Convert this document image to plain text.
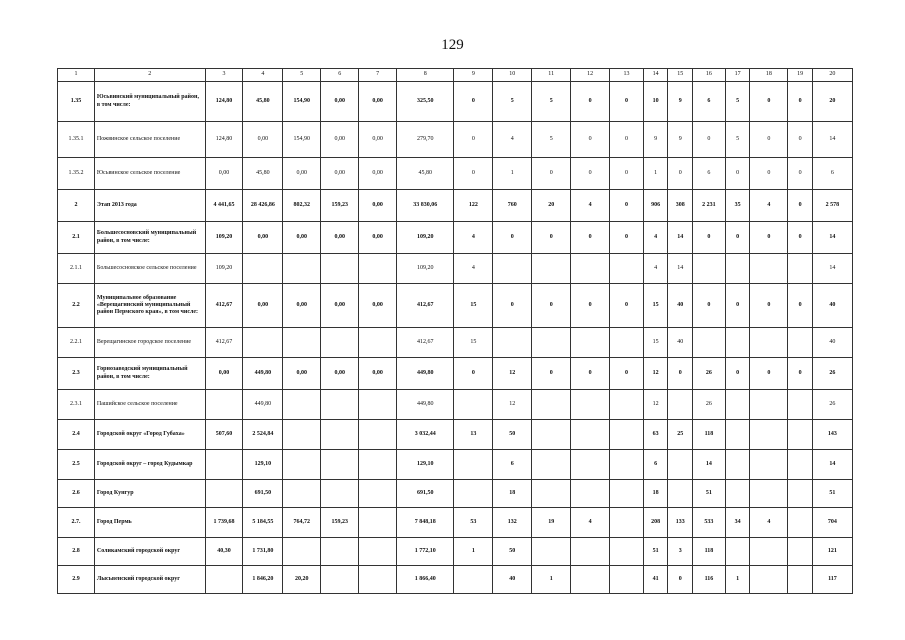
129
1	2	3	4	5	6	7	8	9	10	11	12	13	14	15	16	17	18	19	20
1.35	Юсьвинский муниципальный район, в том числе:	124,80	45,80	154,90	0,00	0,00	325,50	0	5	5	0	0	10	9	6	5	0	0	20
1.35.1	Пожвинское сельское поселение	124,80	0,00	154,90	0,00	0,00	279,70	0	4	5	0	0	9	9	0	5	0	0	14
1.35.2	Юсьвинское сельское поселение	0,00	45,80	0,00	0,00	0,00	45,80	0	1	0	0	0	1	0	6	0	0	0	6
2	Этап 2013 года	4 441,65	28 426,86	802,32	159,23	0,00	33 830,06	122	760	20	4	0	906	308	2 231	35	4	0	2 578
2.1	Большесосновский муниципальный район, в том числе:	109,20	0,00	0,00	0,00	0,00	109,20	4	0	0	0	0	4	14	0	0	0	0	14
2.1.1	Большесосновское сельское поселение	109,20					109,20	4					4	14					14
2.2	Муниципальное образование «Верещагинский муниципальный район Пермского края», в том числе:	412,67	0,00	0,00	0,00	0,00	412,67	15	0	0	0	0	15	40	0	0	0	0	40
2.2.1	Верещагинское городское поселение	412,67					412,67	15					15	40					40
2.3	Горнозаводский муниципальный район, в том числе:	0,00	449,80	0,00	0,00	0,00	449,80	0	12	0	0	0	12	0	26	0	0	0	26
2.3.1	Пашийское сельское поселение		449,80				449,80		12				12		26				26
2.4	Городской округ «Город Губаха»	507,60	2 524,84				3 032,44	13	50				63	25	118				143
2.5	Городской округ – город Кудымкар		129,10				129,10		6				6		14				14
2.6	Город Кунгур		691,50				691,50		18				18		51				51
2.7.	Город Пермь	1 739,68	5 184,55	764,72	159,23		7 848,18	53	132	19	4		208	133	533	34	4		704
2.8	Соликамский городской округ	40,30	1 731,80				1 772,10	1	50				51	3	118				121
2.9	Лысьвенский городской округ		1 846,20	20,20			1 866,40		40	1			41	0	116	1			117
